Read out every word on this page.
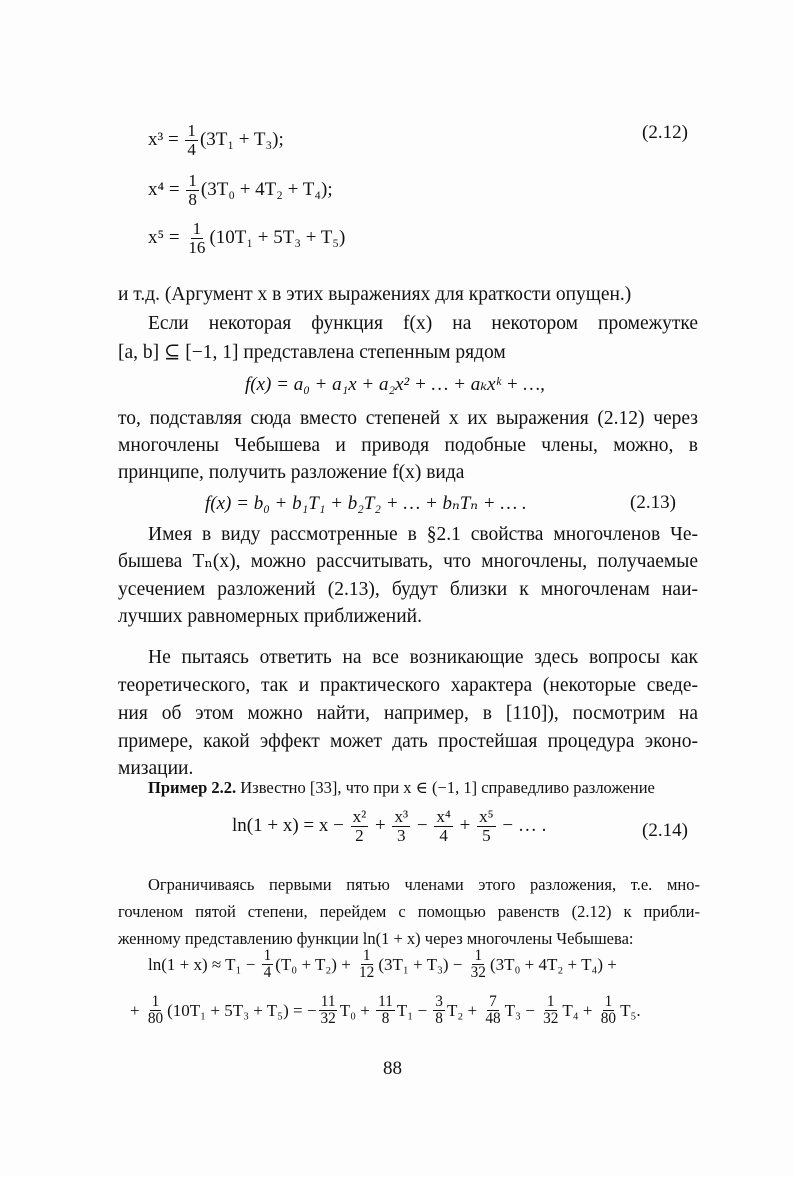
$x^3 = \frac{1}{4} (3T_1 + T_3)$;
$x^4 = \frac{1}{8} (3T_0 + 4T_2 + T_4)$;
$x^5 = \frac{1}{16} (10T_1 + 5T_3 + T_5)$
(2.12)
и т.д. (Аргумент x в этих выражениях для краткости опущен.)
Если некоторая функция f(x) на некотором промежутке
[a, b] ⊆ [−1, 1] представлена степенным рядом
f(x) = a₀ + a₁x + a₂x² + … + aₖxᵏ + …,
то, подставляя сюда вместо степеней x их выражения (2.12) через
многочлены Чебышева и приводя подобные члены, можно, в
принципе, получить разложение f(x) вида
f(x) = b₀ + b₁T₁ + b₂T₂ + … + bₙTₙ + … .	(2.13)
Имея в виду рассмотренные в §2.1 свойства многочленов Че-
бышева Tₙ(x), можно рассчитывать, что многочлены, получаемые
усечением разложений (2.13), будут близки к многочленам наи-
лучших равномерных приближений.
Не пытаясь ответить на все возникающие здесь вопросы как
теоретического, так и практического характера (некоторые сведе-
ния об этом можно найти, например, в [110]), посмотрим на
примере, какой эффект может дать простейшая процедура эконо-
мизации.
Пример 2.2. Известно [33], что при x ∈ (−1, 1] справедливо разложение
$\ln(1 + x) = x - \frac{\text{x²}}{2} + \frac{\text{x³}}{3} - \frac{\text{x⁴}}{4} + \frac{\text{x⁵}}{5}$ − … .	(2.14)
Ограничиваясь первыми пятью членами этого разложения, т.е. мно-
гочленом пятой степени, перейдем с помощью равенств (2.12) к прибли-
женному представлению функции ln(1 + x) через многочлены Чебышева:
$\ln(1 + x) \approx T_1 - \frac{1}{4} (T_0 + T_2) + \frac{1}{12} (3T_1 + T_3) - \frac{1}{32} (3T_0 + 4T_2 + T_4)$ +
+ $\frac{1}{80} (10T_1 + 5T_3 + T_5)$ = − $\frac{11}{32} T_0 + \frac{11}{8} T_1 - \frac{3}{8} T_2 + \frac{7}{48} T_3 - \frac{1}{32} T_4 + \frac{1}{80} T_5$.
88
